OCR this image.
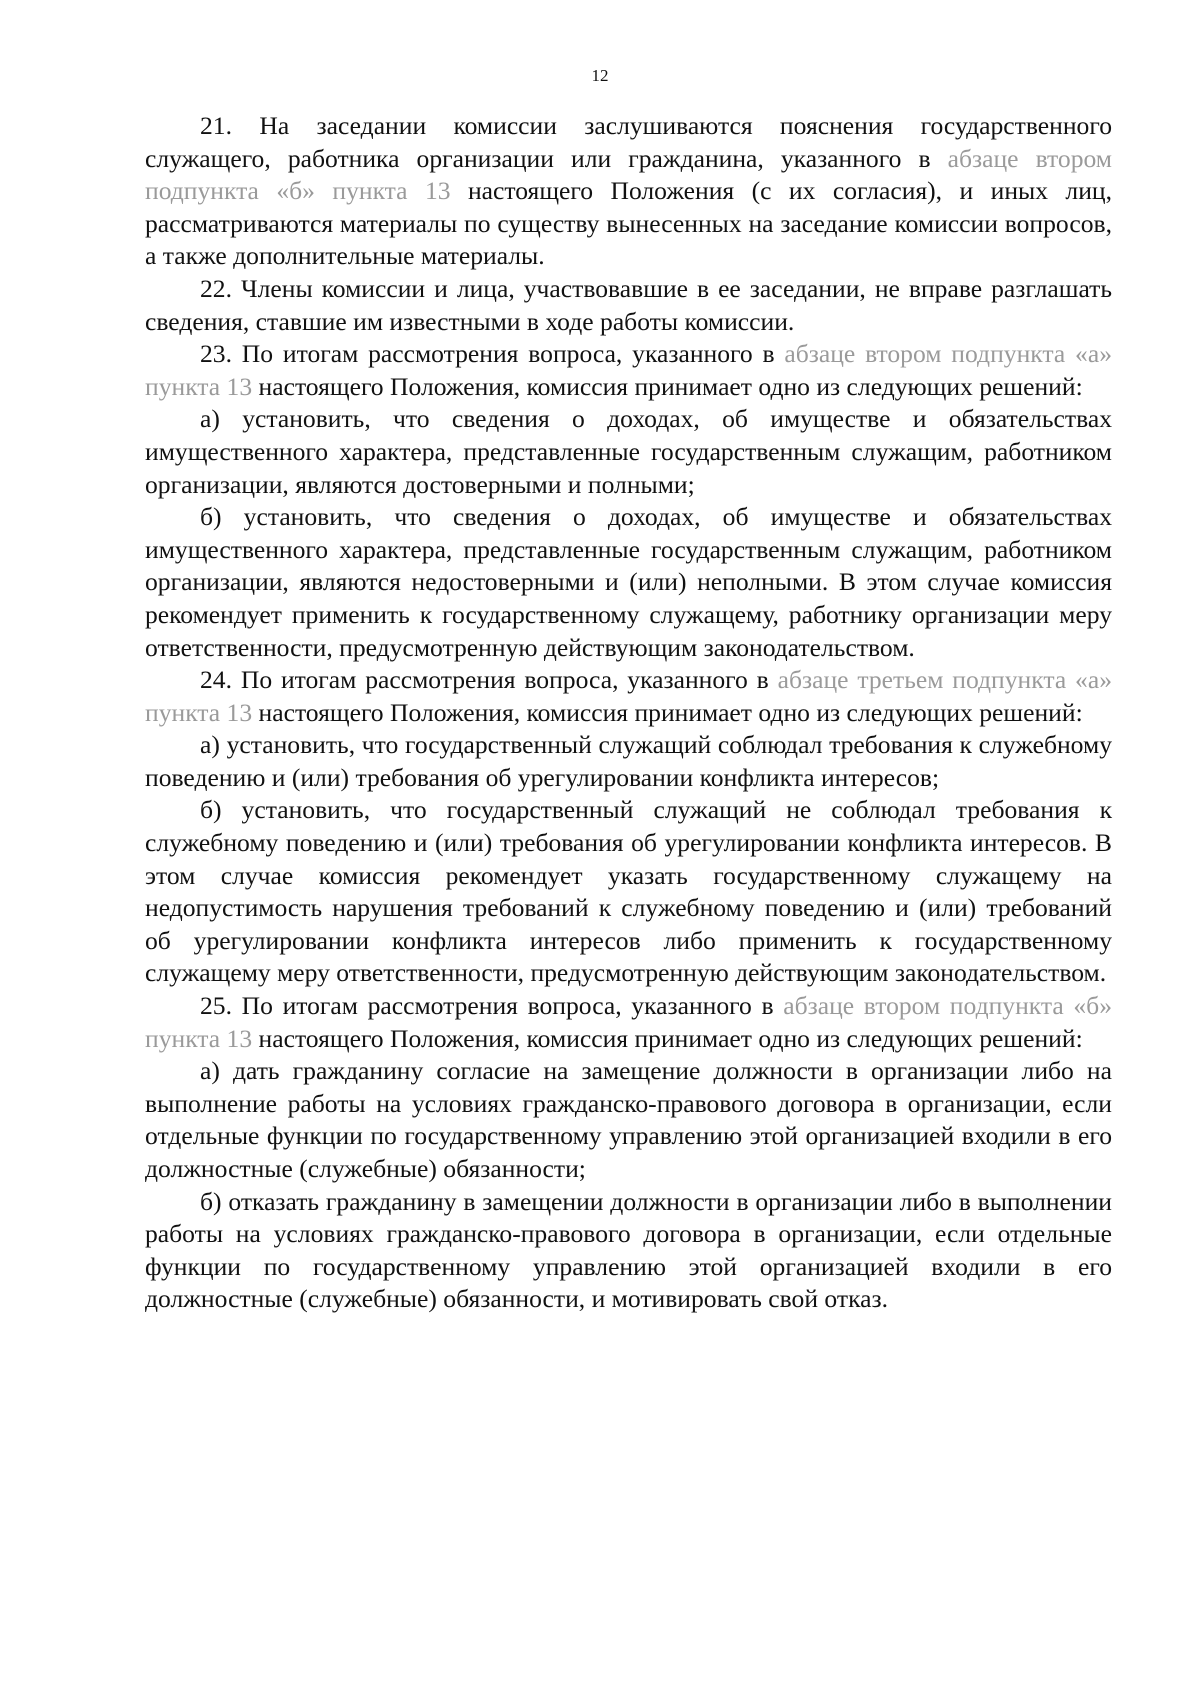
12

21. На заседании комиссии заслушиваются пояснения государственного служащего, работника организации или гражданина, указанного в абзаце втором подпункта «б» пункта 13 настоящего Положения (с их согласия), и иных лиц, рассматриваются материалы по существу вынесенных на заседание комиссии вопросов, а также дополнительные материалы.

22. Члены комиссии и лица, участвовавшие в ее заседании, не вправе разглашать сведения, ставшие им известными в ходе работы комиссии.

23. По итогам рассмотрения вопроса, указанного в абзаце втором подпункта «а» пункта 13 настоящего Положения, комиссия принимает одно из следующих решений:

а) установить, что сведения о доходах, об имуществе и обязательствах имущественного характера, представленные государственным служащим, работником организации, являются достоверными и полными;

б) установить, что сведения о доходах, об имуществе и обязательствах имущественного характера, представленные государственным служащим, работником организации, являются недостоверными и (или) неполными. В этом случае комиссия рекомендует применить к государственному служащему, работнику организации меру ответственности, предусмотренную действующим законодательством.

24. По итогам рассмотрения вопроса, указанного в абзаце третьем подпункта «а» пункта 13 настоящего Положения, комиссия принимает одно из следующих решений:

а) установить, что государственный служащий соблюдал требования к служебному поведению и (или) требования об урегулировании конфликта интересов;

б) установить, что государственный служащий не соблюдал требования к служебному поведению и (или) требования об урегулировании конфликта интересов. В этом случае комиссия рекомендует указать государственному служащему на недопустимость нарушения требований к служебному поведению и (или) требований об урегулировании конфликта интересов либо применить к государственному служащему меру ответственности, предусмотренную действующим законодательством.

25. По итогам рассмотрения вопроса, указанного в абзаце втором подпункта «б» пункта 13 настоящего Положения, комиссия принимает одно из следующих решений:

а) дать гражданину согласие на замещение должности в организации либо на выполнение работы на условиях гражданско-правового договора в организации, если отдельные функции по государственному управлению этой организацией входили в его должностные (служебные) обязанности;

б) отказать гражданину в замещении должности в организации либо в выполнении работы на условиях гражданско-правового договора в организации, если отдельные функции по государственному управлению этой организацией входили в его должностные (служебные) обязанности, и мотивировать свой отказ.
